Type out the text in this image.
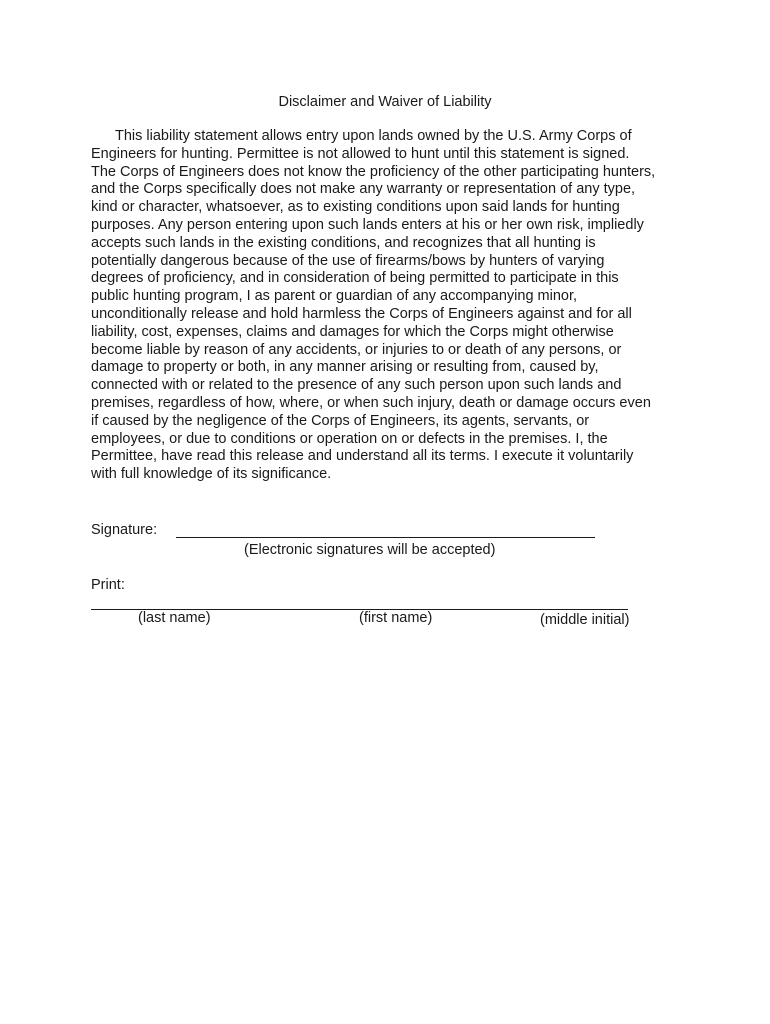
Disclaimer and Waiver of Liability
This liability statement allows entry upon lands owned by the U.S. Army Corps of
Engineers for hunting. Permittee is not allowed to hunt until this statement is signed.
The Corps of Engineers does not know the proficiency of the other participating hunters,
and the Corps specifically does not make any warranty or representation of any type,
kind or character, whatsoever, as to existing conditions upon said lands for hunting
purposes. Any person entering upon such lands enters at his or her own risk, impliedly
accepts such lands in the existing conditions, and recognizes that all hunting is
potentially dangerous because of the use of firearms/bows by hunters of varying
degrees of proficiency, and in consideration of being permitted to participate in this
public hunting program, I as parent or guardian of any accompanying minor,
unconditionally release and hold harmless the Corps of Engineers against and for all
liability, cost, expenses, claims and damages for which the Corps might otherwise
become liable by reason of any accidents, or injuries to or death of any persons, or
damage to property or both, in any manner arising or resulting from, caused by,
connected with or related to the presence of any such person upon such lands and
premises, regardless of how, where, or when such injury, death or damage occurs even
if caused by the negligence of the Corps of Engineers, its agents, servants, or
employees, or due to conditions or operation on or defects in the premises. I, the
Permittee, have read this release and understand all its terms. I execute it voluntarily
with full knowledge of its significance.
Signature:
(Electronic signatures will be accepted)
Print:
(last name)	(first name)	(middle initial)
